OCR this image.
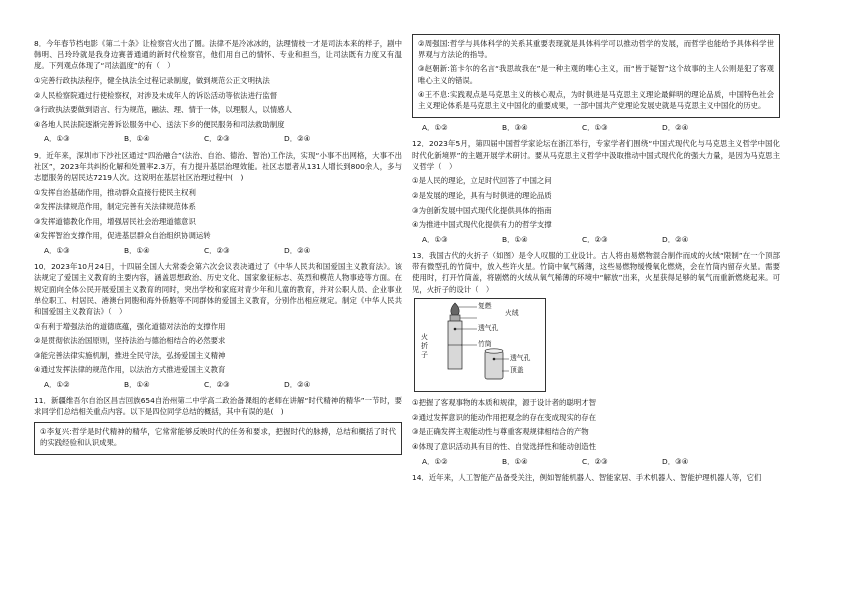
8．今年春节档电影《第二十条》让检察官火出了圈。法律不是冷冰冰的，法理情枝一才是司法本来的样子，剧中韩明、吕玲玲就是我身边赛普通通的新时代检察官，他们用自己的情怀、专业和担当，让司法既有力度又有温度。下列观点体现了“司法温度”的有（　）

①完善行政执法程序，健全执法全过程记录制度，做到规范公正文明执法

②人民检察院通过行使检察权，对涉及未成年人的诉讼活动等依法进行监督

③行政执法要做到语言、行为规范，融法、理、情于一体，以理服人，以情感人

④各地人民法院逐渐完善诉讼服务中心、送法下乡的便民服务和司法救助制度

A．①③	B．①④	C．②③	D．②④

9．近年来，深圳市下沙社区通过“四治融合”(法治、自治、德治、智治)工作法，实现“小事不出网格，大事不出社区”，2023年共纠纷化解和处置率2.3万，有力提升基层治理效能。社区志愿者从131人增长到800余人，多与志愿服务的居民达7219人次。这说明在基层社区治理过程中(　)

①发挥自治基础作用，推动群众直接行使民主权利

②发挥法律规范作用，制定完善有关法律规范体系

③发挥道德教化作用，增强居民社会治理道德意识

④发挥智治支撑作用，促进基层群众自治组织协调运转

A．①③	B．①④	C．②③	D．②④

10．2023年10月24日，十四届全国人大常委会第六次会议表决通过了《中华人民共和国爱国主义教育法》。该法规定了爱国主义教育的主要内容，涵盖思想政治、历史文化、国家象征标志、英烈和模范人物事迹等方面。在规定面向全体公民开展爱国主义教育的同时，突出学校和家庭对青少年和儿童的教育，并对公职人员、企业事业单位职工、村居民、港澳台同胞和海外侨胞等不同群体的爱国主义教育，分别作出相应规定。制定《中华人民共和国爱国主义教育法》（　）

①有利于增强法治的道德底蕴，强化道德对法治的支撑作用

②是贯彻依法治国原则，坚持法治与德治相结合的必然要求

③能完善法律实施机制，推进全民守法，弘扬爱国主义精神

④通过发挥法律的规范作用，以法治方式推进爱国主义教育

A．①②	B．①④	C．②③	D．②④

11．新疆维吾尔自治区昌吉回族654自治州第二中学高二政治备课组的老师在讲解“时代精神的精华”一节时，要求同学们总结相关重点内容。以下是四位同学总结的概括，其中有误的是(　)

①李复兴:哲学是时代精神的精华，它常常能够反映时代的任务和要求，把握时代的脉搏，总结和概括了时代的实践经验和认识成果。

②周强国:哲学与具体科学的关系其重要表现就是具体科学可以推动哲学的发展，而哲学也能给予具体科学世界观与方法论的指导。

③赵朝新:笛卡尔的名言“我思故我在”是一种主观的唯心主义，而“皆于疑智”这个故事的主人公则是犯了客观唯心主义的错误。

④王不息:实践观点是马克思主义的核心观点，为时俱进是马克思主义理论最鲜明的理论品质，中国特色社会主义理论体系是马克思主义中国化的重要成果，一部中国共产党理论发展史就是马克思主义中国化的历史。

A．①②	B．③④	C．①③	D．②④

12．2023年5月，第四届中国哲学家论坛在浙江举行，专家学者们围绕“中国式现代化与马克思主义哲学中国化时代化新境界”的主题开展学术研讨。要从马克思主义哲学中汲取推动中国式现代化的强大力量，是因为马克思主义哲学（　）

①是人民的理论，立足时代回答了中国之问

②是发展的理论，具有与时俱进的理论品质

③为创新发展中国式现代化提供具体的指南

④为推进中国式现代化提供有力的哲学支撑

A．①③	B．①④	C．②③	D．②④

13．我国古代的火折子（如图）是令人叹服的工业设计。古人将由易燃物混合制作而成的火绒“限制”在一个顶部带有微型孔的竹筒中，放入些许火星。竹筒中氧气稀薄，这些易燃物缓慢氧化燃烧，会在竹筒内留存火星。需要使用时，打开竹筒盖，将剧燃的火绒从氧气稀薄的环境中“解放”出来，火星获得足够的氧气而重新燃烧起来。可见，火折子的设计（　）

火折子
复燃
火绒
透气孔
竹筒
透气孔
顶盖

①把握了客观事物的本质和规律，源于设计者的聪明才智

②通过发挥意识的能动作用把观念的存在变成现实的存在

③是正确发挥主观能动性与尊重客观规律相结合的产物

④体现了意识活动具有目的性、自觉选择性和能动创造性

A．①②	B．①④	C．②③	D．③④

14．近年来，人工智能产品备受关注，例如智能机器人、智能家居、手术机器人、智能护理机器人等，它们
